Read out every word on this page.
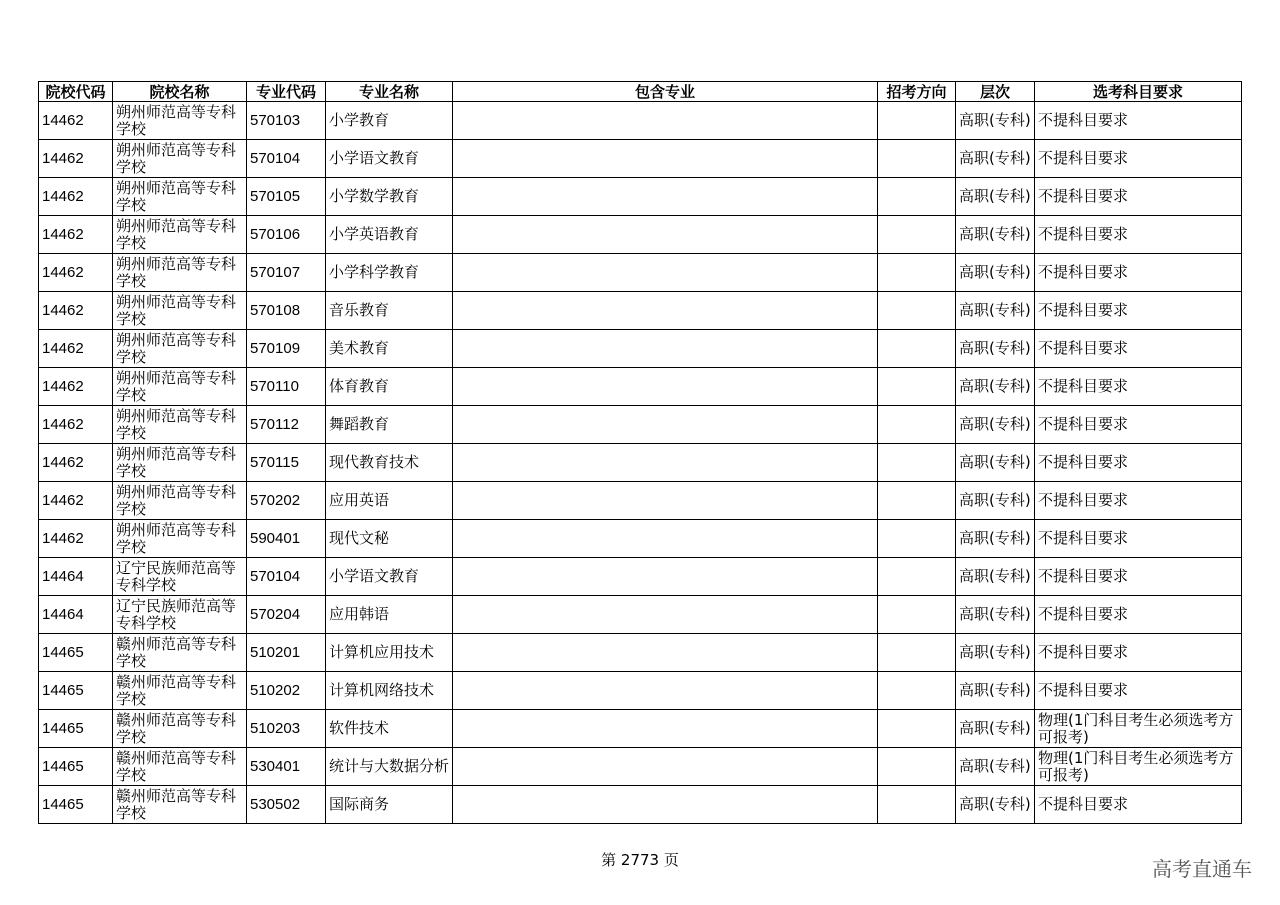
院校代码	院校名称	专业代码	专业名称	包含专业	招考方向	层次	选考科目要求

14462	朔州师范高等专科学校	570103	小学教育			高职(专科)	不提科目要求

14462	朔州师范高等专科学校	570104	小学语文教育			高职(专科)	不提科目要求

14462	朔州师范高等专科学校	570105	小学数学教育			高职(专科)	不提科目要求

14462	朔州师范高等专科学校	570106	小学英语教育			高职(专科)	不提科目要求

14462	朔州师范高等专科学校	570107	小学科学教育			高职(专科)	不提科目要求

14462	朔州师范高等专科学校	570108	音乐教育			高职(专科)	不提科目要求

14462	朔州师范高等专科学校	570109	美术教育			高职(专科)	不提科目要求

14462	朔州师范高等专科学校	570110	体育教育			高职(专科)	不提科目要求

14462	朔州师范高等专科学校	570112	舞蹈教育			高职(专科)	不提科目要求

14462	朔州师范高等专科学校	570115	现代教育技术			高职(专科)	不提科目要求

14462	朔州师范高等专科学校	570202	应用英语			高职(专科)	不提科目要求

14462	朔州师范高等专科学校	590401	现代文秘			高职(专科)	不提科目要求

14464	辽宁民族师范高等专科学校	570104	小学语文教育			高职(专科)	不提科目要求

14464	辽宁民族师范高等专科学校	570204	应用韩语			高职(专科)	不提科目要求

14465	赣州师范高等专科学校	510201	计算机应用技术			高职(专科)	不提科目要求

14465	赣州师范高等专科学校	510202	计算机网络技术			高职(专科)	不提科目要求

14465	赣州师范高等专科学校	510203	软件技术			高职(专科)	物理(1门科目考生必须选考方可报考)

14465	赣州师范高等专科学校	530401	统计与大数据分析			高职(专科)	物理(1门科目考生必须选考方可报考)

14465	赣州师范高等专科学校	530502	国际商务			高职(专科)	不提科目要求
第 2773 页	高考直通车
